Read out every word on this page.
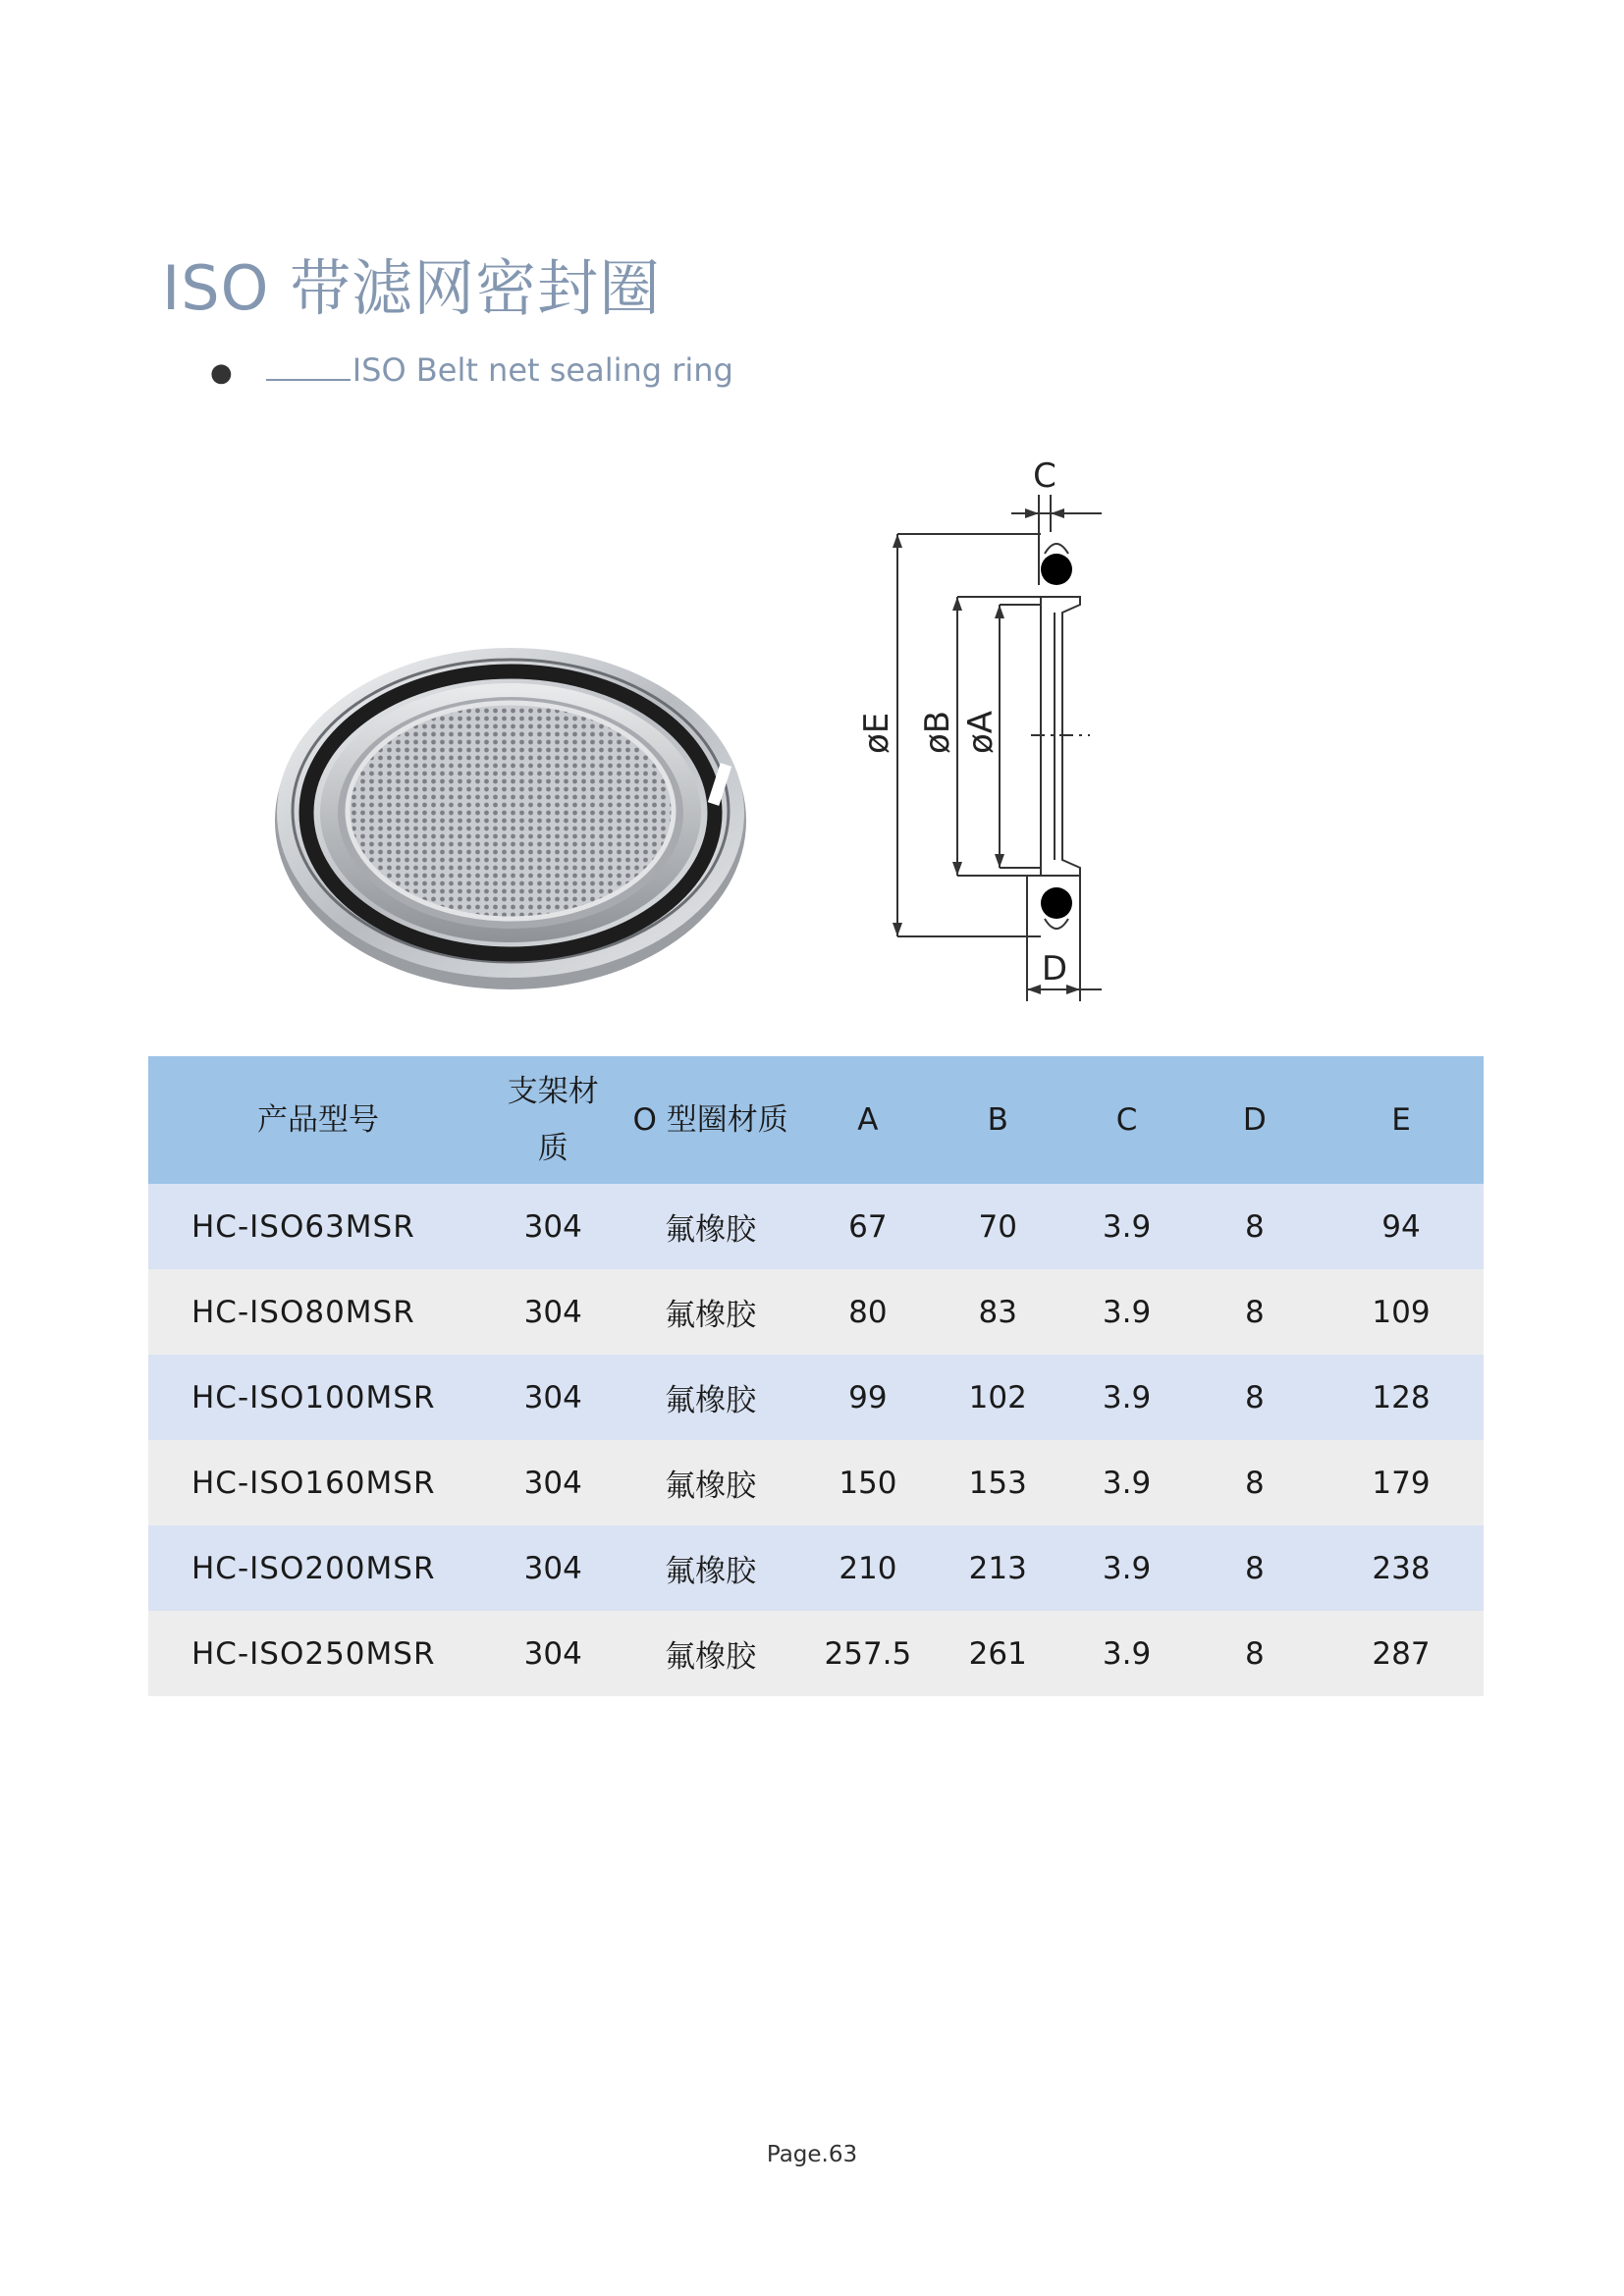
ISO 带滤网密封圈
●	ISO Belt net sealing ring
øE øB øA
C
D
产品型号	支架材质	O 型圈材质	A	B	C	D	E
HC-ISO63MSR	304	氟橡胶	67	70	3.9	8	94
HC-ISO80MSR	304	氟橡胶	80	83	3.9	8	109
HC-ISO100MSR	304	氟橡胶	99	102	3.9	8	128
HC-ISO160MSR	304	氟橡胶	150	153	3.9	8	179
HC-ISO200MSR	304	氟橡胶	210	213	3.9	8	238
HC-ISO250MSR	304	氟橡胶	257.5	261	3.9	8	287
Page.63
